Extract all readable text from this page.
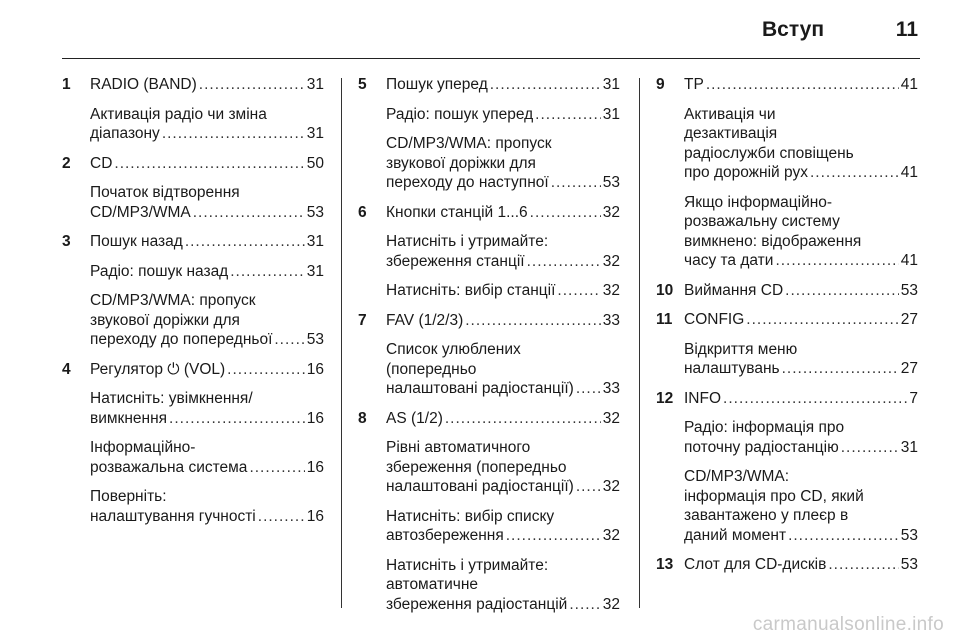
Вступ	11
1	RADIO (BAND) .....	31
Активація радіо чи зміна
діапазону .....	31
2	CD .....	50
Початок відтворення
CD/MP3/WMA .....	53
3	Пошук назад .....	31
Радіо: пошук назад .....	31
CD/MP3/WMA: пропуск
звукової доріжки для
переходу до попередньої ..... 53
4	Регулятор ⏻ (VOL) .....	16
Натисніть: увімкнення/
вимкнення .....	16
Інформаційно-
розважальна система .....	16
Поверніть:
налаштування гучності .....	16
5	Пошук уперед .....	31
Радіо: пошук уперед .....	31
CD/MP3/WMA: пропуск
звукової доріжки для
переходу до наступної .....	53
6	Кнопки станцій 1...6 .....	32
Натисніть і утримайте:
збереження станції .....	32
Натисніть: вибір станції .....	32
7	FAV (1/2/3) .....	33
Список улюблених
(попередньо
налаштовані радіостанції) ..... 33
8	AS (1/2) .....	32
Рівні автоматичного
збереження (попередньо
налаштовані радіостанції) ..... 32
Натисніть: вибір списку
автозбереження .....	32
Натисніть і утримайте:
автоматичне
збереження радіостанцій ..... 32
9	TP .....	41
Активація чи
дезактивація
радіослужби сповіщень
про дорожній рух .....	41
Якщо інформаційно-
розважальну систему
вимкнено: відображення
часу та дати .....	41
10 Виймання CD .....	53
11 CONFIG .....	27
Відкриття меню
налаштувань .....	27
12 INFO .....	7
Радіо: інформація про
поточну радіостанцію .....	31
CD/MP3/WMA:
інформація про CD, який
завантажено у плеєр в
даний момент .....	53
13 Слот для CD-дисків .....	53
carmanualsonline.info
